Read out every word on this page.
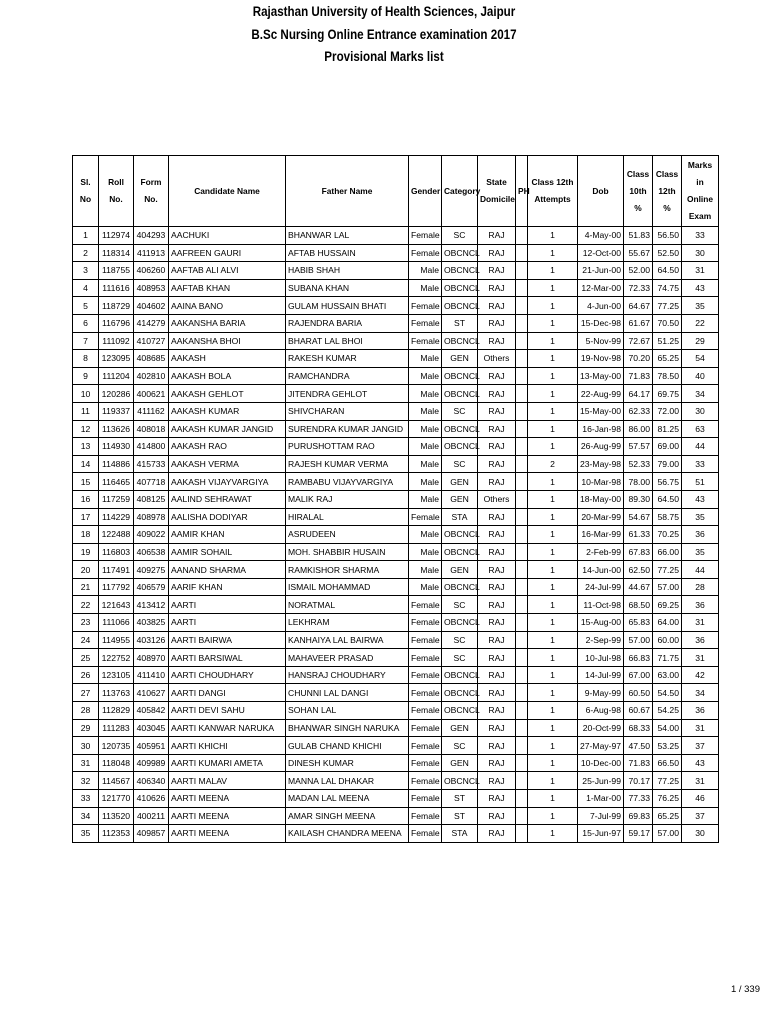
Rajasthan University of Health Sciences, Jaipur
B.Sc Nursing Online Entrance examination 2017
Provisional Marks list
Sl. No	Roll No.	Form No.	Candidate Name	Father Name	Gender	Category	State Domicile	PH	Class 12th Attempts	Dob	Class 10th %	Class 12th %	Marks in Online Exam
1	112974	404293	AACHUKI	BHANWAR LAL	Female	SC	RAJ		1	4-May-00	51.83	56.50	33
2	118314	411913	AAFREEN GAURI	AFTAB HUSSAIN	Female	OBCNCL	RAJ		1	12-Oct-00	55.67	52.50	30
3	118755	406260	AAFTAB ALI ALVI	HABIB SHAH	Male	OBCNCL	RAJ		1	21-Jun-00	52.00	64.50	31
4	111616	408953	AAFTAB KHAN	SUBANA KHAN	Male	OBCNCL	RAJ		1	12-Mar-00	72.33	74.75	43
5	118729	404602	AAINA BANO	GULAM HUSSAIN BHATI	Female	OBCNCL	RAJ		1	4-Jun-00	64.67	77.25	35
6	116796	414279	AAKANSHA BARIA	RAJENDRA BARIA	Female	ST	RAJ		1	15-Dec-98	61.67	70.50	22
7	111092	410727	AAKANSHA BHOI	BHARAT LAL BHOI	Female	OBCNCL	RAJ		1	5-Nov-99	72.67	51.25	29
8	123095	408685	AAKASH	RAKESH KUMAR	Male	GEN	Others		1	19-Nov-98	70.20	65.25	54
9	111204	402810	AAKASH BOLA	RAMCHANDRA	Male	OBCNCL	RAJ		1	13-May-00	71.83	78.50	40
10	120286	400621	AAKASH GEHLOT	JITENDRA GEHLOT	Male	OBCNCL	RAJ		1	22-Aug-99	64.17	69.75	34
11	119337	411162	AAKASH KUMAR	SHIVCHARAN	Male	SC	RAJ		1	15-May-00	62.33	72.00	30
12	113626	408018	AAKASH KUMAR JANGID	SURENDRA KUMAR JANGID	Male	OBCNCL	RAJ		1	16-Jan-98	86.00	81.25	63
13	114930	414800	AAKASH RAO	PURUSHOTTAM RAO	Male	OBCNCL	RAJ		1	26-Aug-99	57.57	69.00	44
14	114886	415733	AAKASH VERMA	RAJESH KUMAR VERMA	Male	SC	RAJ		2	23-May-98	52.33	79.00	33
15	116465	407718	AAKASH VIJAYVARGIYA	RAMBABU VIJAYVARGIYA	Male	GEN	RAJ		1	10-Mar-98	78.00	56.75	51
16	117259	408125	AALIND SEHRAWAT	MALIK RAJ	Male	GEN	Others		1	18-May-00	89.30	64.50	43
17	114229	408978	AALISHA DODIYAR	HIRALAL	Female	STA	RAJ		1	20-Mar-99	54.67	58.75	35
18	122488	409022	AAMIR KHAN	ASRUDEEN	Male	OBCNCL	RAJ		1	16-Mar-99	61.33	70.25	36
19	116803	406538	AAMIR SOHAIL	MOH. SHABBIR HUSAIN	Male	OBCNCL	RAJ		1	2-Feb-99	67.83	66.00	35
20	117491	409275	AANAND SHARMA	RAMKISHOR SHARMA	Male	GEN	RAJ		1	14-Jun-00	62.50	77.25	44
21	117792	406579	AARIF KHAN	ISMAIL MOHAMMAD	Male	OBCNCL	RAJ		1	24-Jul-99	44.67	57.00	28
22	121643	413412	AARTI	NORATMAL	Female	SC	RAJ		1	11-Oct-98	68.50	69.25	36
23	111066	403825	AARTI	LEKHRAM	Female	OBCNCL	RAJ		1	15-Aug-00	65.83	64.00	31
24	114955	403126	AARTI BAIRWA	KANHAIYA LAL BAIRWA	Female	SC	RAJ		1	2-Sep-99	57.00	60.00	36
25	122752	408970	AARTI BARSIWAL	MAHAVEER PRASAD	Female	SC	RAJ		1	10-Jul-98	66.83	71.75	31
26	123105	411410	AARTI CHOUDHARY	HANSRAJ CHOUDHARY	Female	OBCNCL	RAJ		1	14-Jul-99	67.00	63.00	42
27	113763	410627	AARTI DANGI	CHUNNI LAL DANGI	Female	OBCNCL	RAJ		1	9-May-99	60.50	54.50	34
28	112829	405842	AARTI DEVI SAHU	SOHAN LAL	Female	OBCNCL	RAJ		1	6-Aug-98	60.67	54.25	36
29	111283	403045	AARTI KANWAR NARUKA	BHANWAR SINGH NARUKA	Female	GEN	RAJ		1	20-Oct-99	68.33	54.00	31
30	120735	405951	AARTI KHICHI	GULAB CHAND KHICHI	Female	SC	RAJ		1	27-May-97	47.50	53.25	37
31	118048	409989	AARTI KUMARI AMETA	DINESH KUMAR	Female	GEN	RAJ		1	10-Dec-00	71.83	66.50	43
32	114567	406340	AARTI MALAV	MANNA LAL DHAKAR	Female	OBCNCL	RAJ		1	25-Jun-99	70.17	77.25	31
33	121770	410626	AARTI MEENA	MADAN LAL MEENA	Female	ST	RAJ		1	1-Mar-00	77.33	76.25	46
34	113520	400211	AARTI MEENA	AMAR SINGH MEENA	Female	ST	RAJ		1	7-Jul-99	69.83	65.25	37
35	112353	409857	AARTI MEENA	KAILASH CHANDRA MEENA	Female	STA	RAJ		1	15-Jun-97	59.17	57.00	30
1 / 339
